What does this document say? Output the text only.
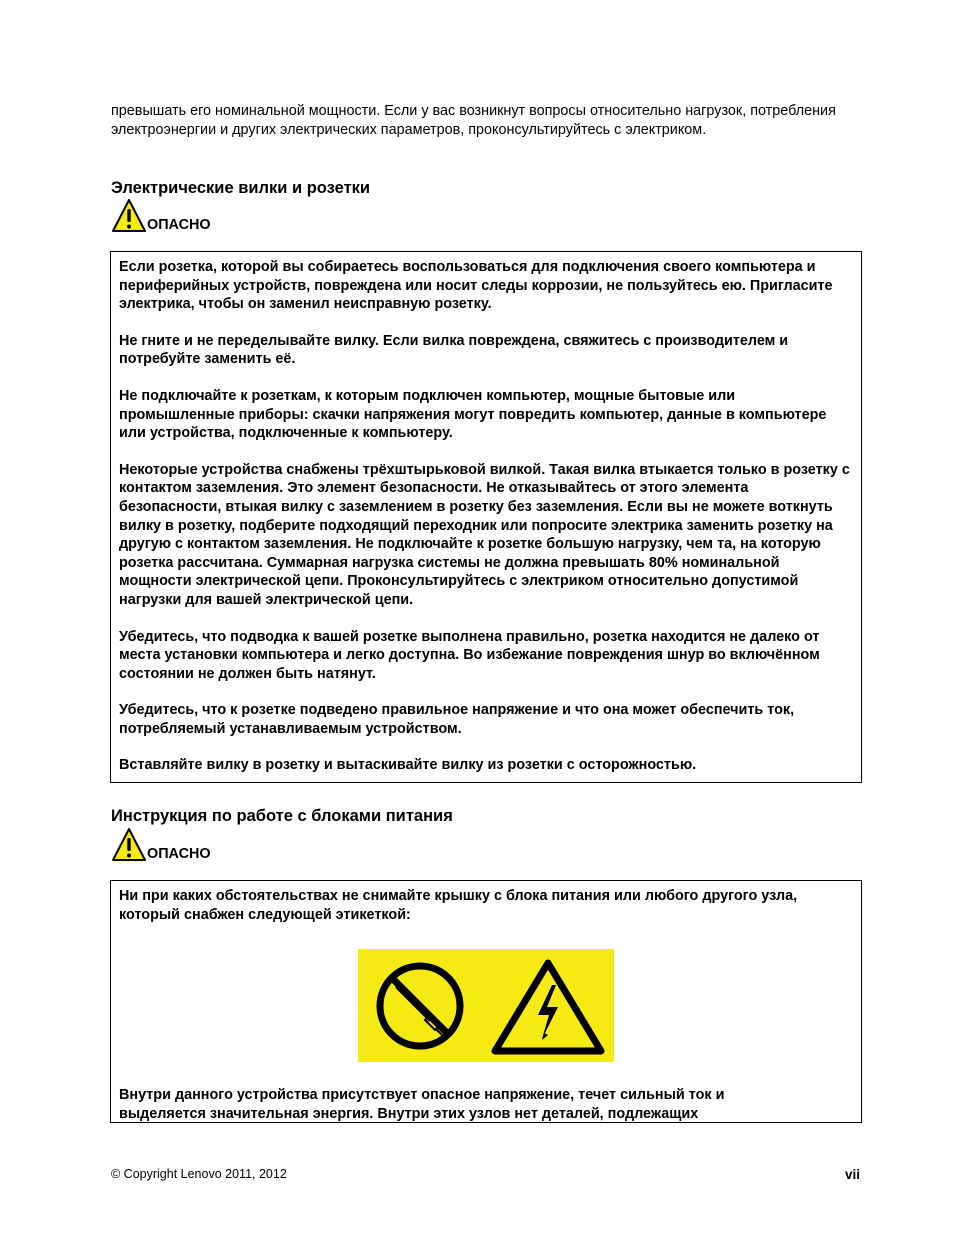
превышать его номинальной мощности. Если у вас возникнут вопросы относительно нагрузок, потребления электроэнергии и других электрических параметров, проконсультируйтесь с электриком.

Электрические вилки и розетки
ОПАСНО

Если розетка, которой вы собираетесь воспользоваться для подключения своего компьютера и периферийных устройств, повреждена или носит следы коррозии, не пользуйтесь ею. Пригласите электрика, чтобы он заменил неисправную розетку.

Не гните и не переделывайте вилку. Если вилка повреждена, свяжитесь с производителем и потребуйте заменить её.

Не подключайте к розеткам, к которым подключен компьютер, мощные бытовые или промышленные приборы: скачки напряжения могут повредить компьютер, данные в компьютере или устройства, подключенные к компьютеру.

Некоторые устройства снабжены трёхштырьковой вилкой. Такая вилка втыкается только в розетку с контактом заземления. Это элемент безопасности. Не отказывайтесь от этого элемента безопасности, втыкая вилку с заземлением в розетку без заземления. Если вы не можете воткнуть вилку в розетку, подберите подходящий переходник или попросите электрика заменить розетку на другую с контактом заземления. Не подключайте к розетке большую нагрузку, чем та, на которую розетка рассчитана. Суммарная нагрузка системы не должна превышать 80% номинальной мощности электрической цепи. Проконсультируйтесь с электриком относительно допустимой нагрузки для вашей электрической цепи.

Убедитесь, что подводка к вашей розетке выполнена правильно, розетка находится не далеко от места установки компьютера и легко доступна. Во избежание повреждения шнур во включённом состоянии не должен быть натянут.

Убедитесь, что к розетке подведено правильное напряжение и что она может обеспечить ток, потребляемый устанавливаемым устройством.

Вставляйте вилку в розетку и вытаскивайте вилку из розетки с осторожностью.

Инструкция по работе с блоками питания
ОПАСНО

Ни при каких обстоятельствах не снимайте крышку с блока питания или любого другого узла, который снабжен следующей этикеткой:

Внутри данного устройства присутствует опасное напряжение, течет сильный ток и выделяется значительная энергия. Внутри этих узлов нет деталей, подлежащих

© Copyright Lenovo 2011, 2012	vii
